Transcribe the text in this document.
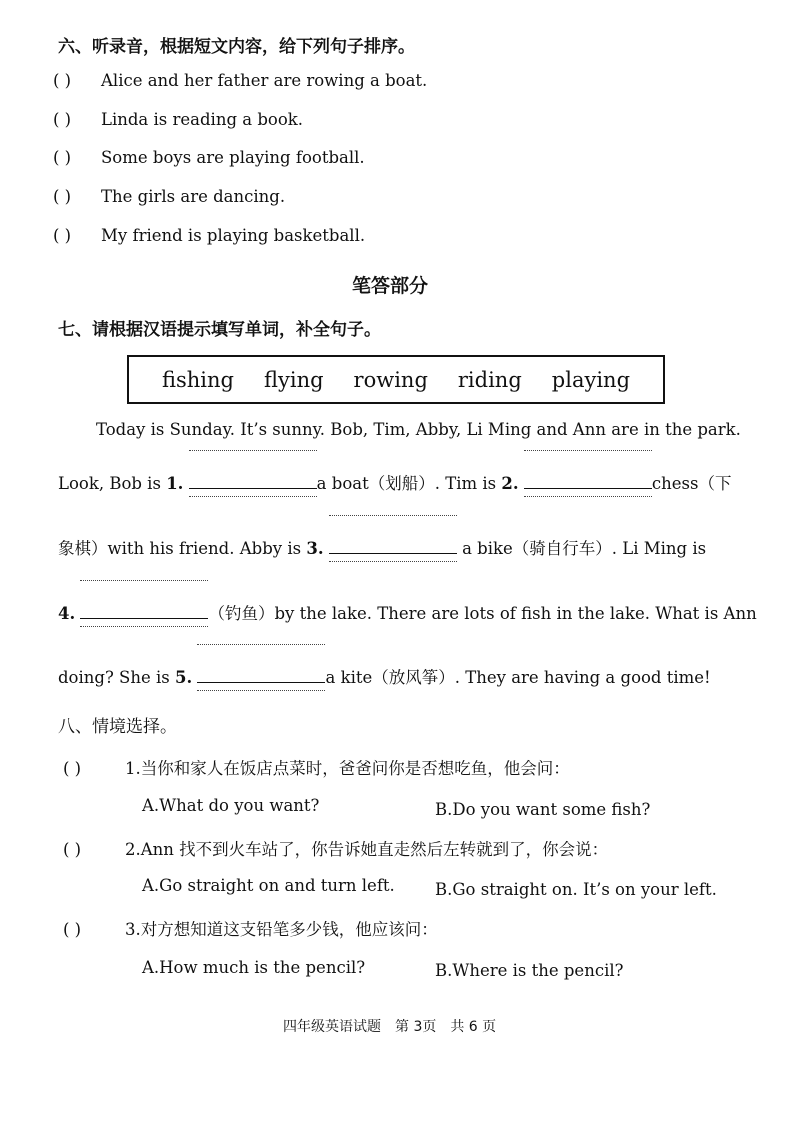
六、听录音，根据短文内容，给下列句子排序。
( ) Alice and her father are rowing a boat.
( ) Linda is reading a book.
( ) Some boys are playing football.
( ) The girls are dancing.
( ) My friend is playing basketball.
笔答部分
七、请根据汉语提示填写单词，补全句子。
fishing flying rowing riding playing
Today is Sunday. It’s sunny. Bob, Tim, Abby, Li Ming and Ann are in the park.
Look, Bob is 1.	a boat（划船）. Tim is 2.	chess（下
象棋）with his friend. Abby is 3.	a bike（骑自行车）. Li Ming is
4.	（钓鱼）by the lake. There are lots of fish in the lake. What is Ann
doing? She is 5.	a kite（放风筝）. They are having a good time!
八、情境选择。
( )	1.当你和家人在饭店点菜时，爸爸问你是否想吃鱼，他会问：
A.What do you want?	B.Do you want some fish?
( )	2.Ann 找不到火车站了，你告诉她直走然后左转就到了，你会说：
A.Go straight on and turn left. B.Go straight on. It’s on your left.
( )	3.对方想知道这支铅笔多少钱，他应该问：
A.How much is the pencil?	B.Where is the pencil?
四年级英语试题　第 3页　共 6 页
